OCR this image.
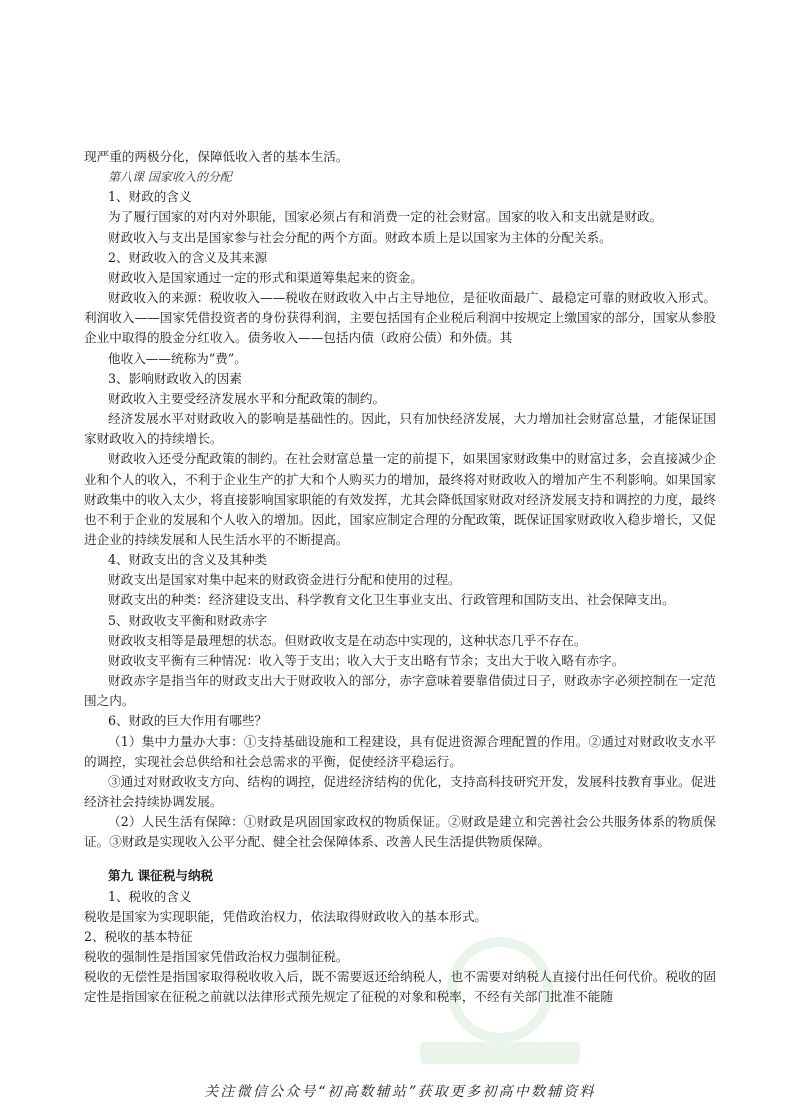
现严重的两极分化，保障低收入者的基本生活。

第八课 国家收入的分配

1、财政的含义

为了履行国家的对内对外职能，国家必须占有和消费一定的社会财富。国家的收入和支出就是财政。

财政收入与支出是国家参与社会分配的两个方面。财政本质上是以国家为主体的分配关系。

2、财政收入的含义及其来源

财政收入是国家通过一定的形式和渠道筹集起来的资金。

财政收入的来源：税收收入——税收在财政收入中占主导地位，是征收面最广、最稳定可靠的财政收入形式。利润收入——国家凭借投资者的身份获得利润，主要包括国有企业税后利润中按规定上缴国家的部分，国家从参股企业中取得的股金分红收入。债务收入——包括内债（政府公债）和外债。其

他收入——统称为“费”。

3、影响财政收入的因素

财政收入主要受经济发展水平和分配政策的制约。

经济发展水平对财政收入的影响是基础性的。因此，只有加快经济发展，大力增加社会财富总量，才能保证国家财政收入的持续增长。

财政收入还受分配政策的制约。在社会财富总量一定的前提下，如果国家财政集中的财富过多，会直接减少企业和个人的收入，不利于企业生产的扩大和个人购买力的增加，最终将对财政收入的增加产生不利影响。如果国家财政集中的收入太少，将直接影响国家职能的有效发挥，尤其会降低国家财政对经济发展支持和调控的力度，最终也不利于企业的发展和个人收入的增加。因此，国家应制定合理的分配政策，既保证国家财政收入稳步增长，又促进企业的持续发展和人民生活水平的不断提高。

4、财政支出的含义及其种类

财政支出是国家对集中起来的财政资金进行分配和使用的过程。

财政支出的种类：经济建设支出、科学教育文化卫生事业支出、行政管理和国防支出、社会保障支出。

5、财政收支平衡和财政赤字

财政收支相等是最理想的状态。但财政收支是在动态中实现的，这种状态几乎不存在。

财政收支平衡有三种情况：收入等于支出；收入大于支出略有节余；支出大于收入略有赤字。

财政赤字是指当年的财政支出大于财政收入的部分，赤字意味着要靠借债过日子，财政赤字必须控制在一定范围之内。

6、财政的巨大作用有哪些？

（1）集中力量办大事：①支持基础设施和工程建设，具有促进资源合理配置的作用。②通过对财政收支水平的调控，实现社会总供给和社会总需求的平衡，促使经济平稳运行。

③通过对财政收支方向、结构的调控，促进经济结构的优化，支持高科技研究开发，发展科技教育事业。促进经济社会持续协调发展。

（2）人民生活有保障：①财政是巩固国家政权的物质保证。②财政是建立和完善社会公共服务体系的物质保证。③财政是实现收入公平分配、健全社会保障体系、改善人民生活提供物质保障。

第九 课征税与纳税

1、税收的含义

税收是国家为实现职能，凭借政治权力，依法取得财政收入的基本形式。

2、税收的基本特征

税收的强制性是指国家凭借政治权力强制征税。

税收的无偿性是指国家取得税收收入后，既不需要返还给纳税人，也不需要对纳税人直接付出任何代价。税收的固定性是指国家在征税之前就以法律形式预先规定了征税的对象和税率，不经有关部门批准不能随

关注微信公众号“初高数辅站”获取更多初高中数辅资料
